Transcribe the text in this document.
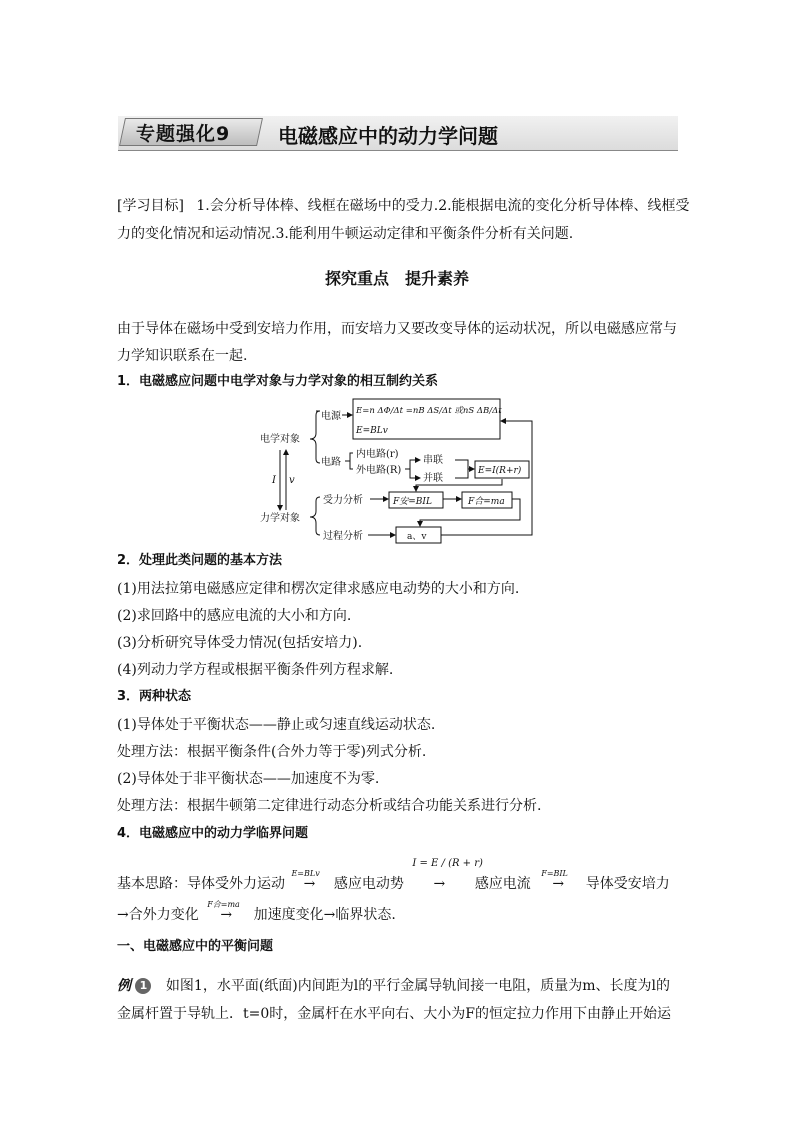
专题强化9 电磁感应中的动力学问题
[学习目标] 1.会分析导体棒、线框在磁场中的受力.2.能根据电流的变化分析导体棒、线框受
力的变化情况和运动情况.3.能利用牛顿运动定律和平衡条件分析有关问题.
探究重点　提升素养
由于导体在磁场中受到安培力作用，而安培力又要改变导体的运动状况，所以电磁感应常与
力学知识联系在一起.
1．电磁感应问题中电学对象与力学对象的相互制约关系
电学对象
电源
电路
内电路(r)
外电路(R)
串联
并联
E=I(R+r)
I v
力学对象
受力分析	F安=BIL	F合=ma
过程分析	a、v
E=n ΔΦ/Δt =nB ΔS/Δt 或nS ΔB/Δt
E=BLv
2．处理此类问题的基本方法
(1)用法拉第电磁感应定律和楞次定律求感应电动势的大小和方向.
(2)求回路中的感应电流的大小和方向.
(3)分析研究导体受力情况(包括安培力).
(4)列动力学方程或根据平衡条件列方程求解.
3．两种状态
(1)导体处于平衡状态——静止或匀速直线运动状态.
处理方法：根据平衡条件(合外力等于零)列式分析.
(2)导体处于非平衡状态——加速度不为零.
处理方法：根据牛顿第二定律进行动态分析或结合功能关系进行分析.
4．电磁感应中的动力学临界问题
基本思路：导体受外力运动
E=BLv
→ 感应电动势
I = E / (R + r)
→ 感应电流
F=BIL
→ 导体受安培力
→合外力变化
F合=ma
→ 加速度变化→临界状态.
一、电磁感应中的平衡问题
例 1 如图1，水平面(纸面)内间距为l的平行金属导轨间接一电阻，质量为m、长度为l的
金属杆置于导轨上．t=0时，金属杆在水平向右、大小为F的恒定拉力作用下由静止开始运
